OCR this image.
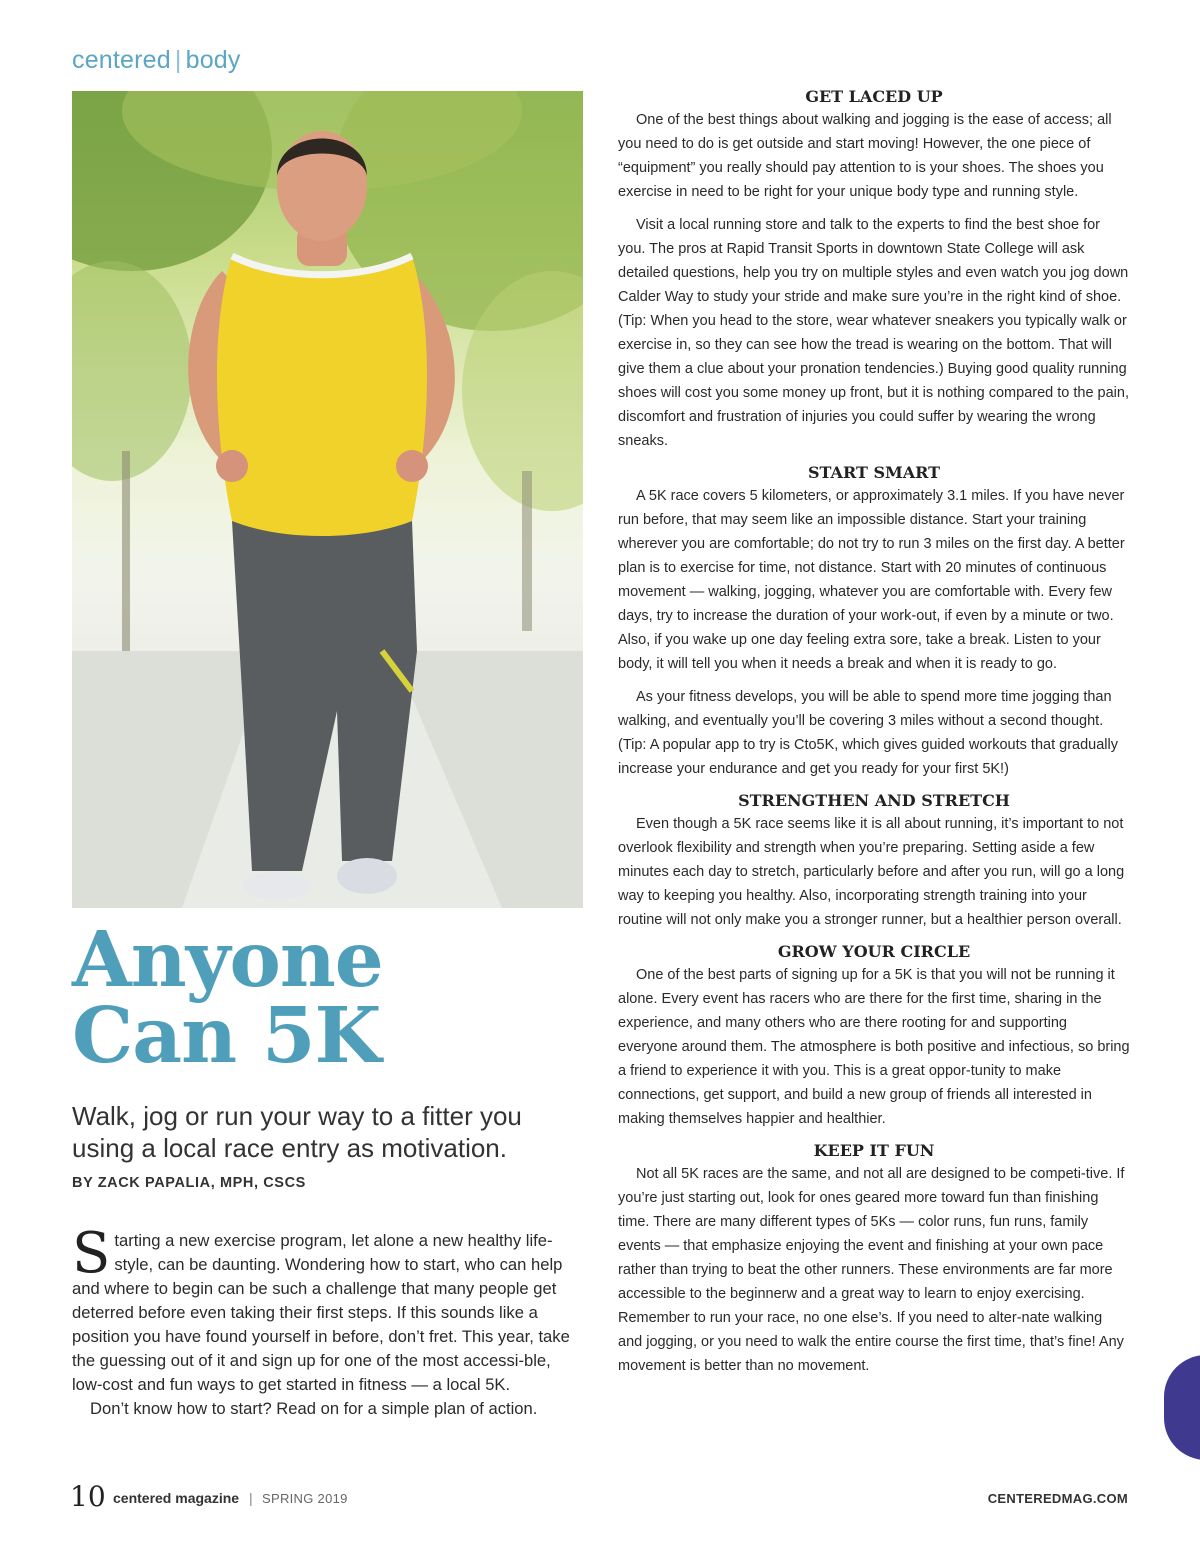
centered | body
Anyone
Can 5K
Walk, jog or run your way to a fitter you
using a local race entry as motivation.
BY ZACK PAPALIA, MPH, CSCS

Starting a new exercise program, let alone a new healthy life-style, can be daunting. Wondering how to start, who can help and where to begin can be such a challenge that many people get deterred before even taking their first steps. If this sounds like a position you have found yourself in before, don’t fret. This year, take the guessing out of it and sign up for one of the most accessi-ble, low-cost and fun ways to get started in fitness — a local 5K.

Don’t know how to start? Read on for a simple plan of action.

GET LACED UP

One of the best things about walking and jogging is the ease of access; all you need to do is get outside and start moving! However, the one piece of “equipment” you really should pay attention to is your shoes. The shoes you exercise in need to be right for your unique body type and running style.

Visit a local running store and talk to the experts to find the best shoe for you. The pros at Rapid Transit Sports in downtown State College will ask detailed questions, help you try on multiple styles and even watch you jog down Calder Way to study your stride and make sure you’re in the right kind of shoe. (Tip: When you head to the store, wear whatever sneakers you typically walk or exercise in, so they can see how the tread is wearing on the bottom. That will give them a clue about your pronation tendencies.) Buying good quality running shoes will cost you some money up front, but it is nothing compared to the pain, discomfort and frustration of injuries you could suffer by wearing the wrong sneaks.

START SMART

A 5K race covers 5 kilometers, or approximately 3.1 miles. If you have never run before, that may seem like an impossible distance. Start your training wherever you are comfortable; do not try to run 3 miles on the first day. A better plan is to exercise for time, not distance. Start with 20 minutes of continuous movement — walking, jogging, whatever you are comfortable with. Every few days, try to increase the duration of your work-out, if even by a minute or two. Also, if you wake up one day feeling extra sore, take a break. Listen to your body, it will tell you when it needs a break and when it is ready to go.

As your fitness develops, you will be able to spend more time jogging than walking, and eventually you’ll be covering 3 miles without a second thought. (Tip: A popular app to try is Cto5K, which gives guided workouts that gradually increase your endurance and get you ready for your first 5K!)

STRENGTHEN AND STRETCH

Even though a 5K race seems like it is all about running, it’s important to not overlook flexibility and strength when you’re preparing. Setting aside a few minutes each day to stretch, particularly before and after you run, will go a long way to keeping you healthy. Also, incorporating strength training into your routine will not only make you a stronger runner, but a healthier person overall.

GROW YOUR CIRCLE

One of the best parts of signing up for a 5K is that you will not be running it alone. Every event has racers who are there for the first time, sharing in the experience, and many others who are there rooting for and supporting everyone around them. The atmosphere is both positive and infectious, so bring a friend to experience it with you. This is a great oppor-tunity to make connections, get support, and build a new group of friends all interested in making themselves happier and healthier.

KEEP IT FUN

Not all 5K races are the same, and not all are designed to be competi-tive. If you’re just starting out, look for ones geared more toward fun than finishing time. There are many different types of 5Ks — color runs, fun runs, family events — that emphasize enjoying the event and finishing at your own pace rather than trying to beat the other runners. These environments are far more accessible to the beginnerw and a great way to learn to enjoy exercising. Remember to run your race, no one else’s. If you need to alter-nate walking and jogging, or you need to walk the entire course the first time, that’s fine! Any movement is better than no movement.

10 centered magazine | SPRING 2019	CENTEREDMAG.COM
